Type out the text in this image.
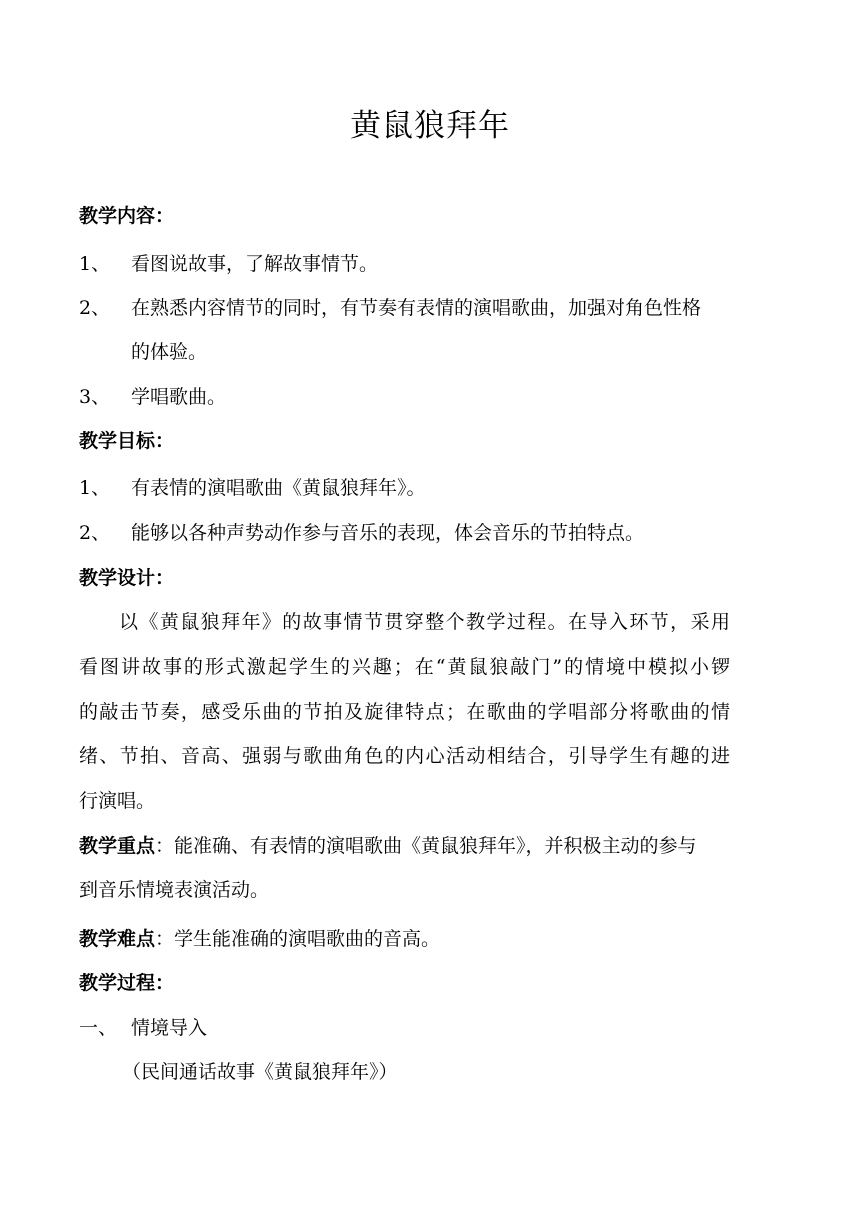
黄鼠狼拜年
教学内容：
1、 看图说故事，了解故事情节。
2、 在熟悉内容情节的同时，有节奏有表情的演唱歌曲，加强对角色性格
的体验。
3、 学唱歌曲。
教学目标：
1、 有表情的演唱歌曲《黄鼠狼拜年》。
2、 能够以各种声势动作参与音乐的表现，体会音乐的节拍特点。
教学设计：
以《黄鼠狼拜年》的故事情节贯穿整个教学过程。在导入环节，采用
看图讲故事的形式激起学生的兴趣；在“黄鼠狼敲门”的情境中模拟小锣
的敲击节奏，感受乐曲的节拍及旋律特点；在歌曲的学唱部分将歌曲的情
绪、节拍、音高、强弱与歌曲角色的内心活动相结合，引导学生有趣的进
行演唱。
教学重点：能准确、有表情的演唱歌曲《黄鼠狼拜年》，并积极主动的参与
到音乐情境表演活动。
教学难点：学生能准确的演唱歌曲的音高。
教学过程：
一、 情境导入
（民间通话故事《黄鼠狼拜年》）
